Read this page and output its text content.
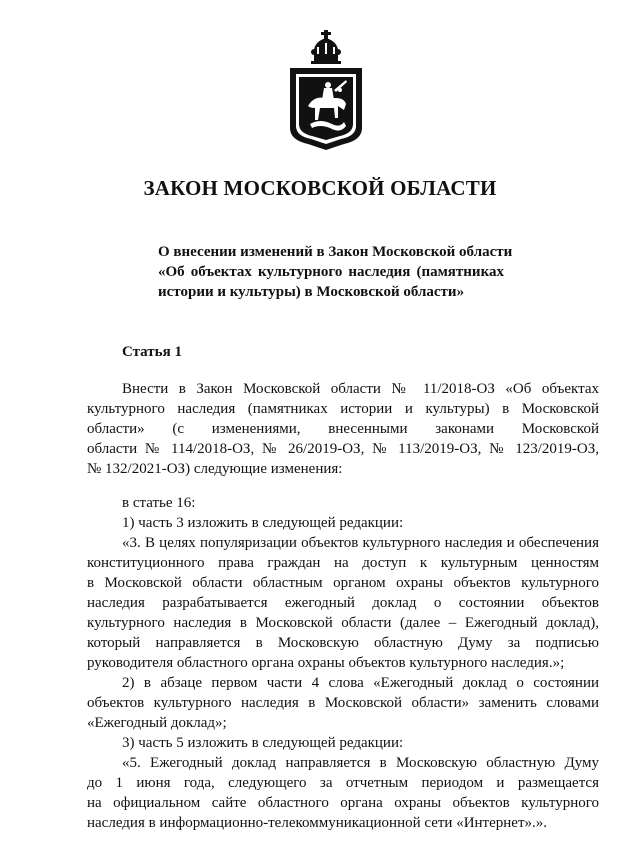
ЗАКОН МОСКОВСКОЙ ОБЛАСТИ
О внесении изменений в Закон Московской области
«Об объектах культурного наследия (памятниках
истории и культуры) в Московской области»
Статья 1
Внести в Закон Московской области № 11/2018-ОЗ «Об объектах
культурного наследия (памятниках истории и культуры) в Московской
области» (с изменениями, внесенными законами Московской
области № 114/2018-ОЗ, № 26/2019-ОЗ, № 113/2019-ОЗ, № 123/2019-ОЗ,
№ 132/2021-ОЗ) следующие изменения:
в статье 16:
1) часть 3 изложить в следующей редакции:
«3. В целях популяризации объектов культурного наследия и обеспечения
конституционного права граждан на доступ к культурным ценностям
в Московской области областным органом охраны объектов культурного
наследия разрабатывается ежегодный доклад о состоянии объектов
культурного наследия в Московской области (далее – Ежегодный доклад),
который направляется в Московскую областную Думу за подписью
руководителя областного органа охраны объектов культурного наследия.»;
2) в абзаце первом части 4 слова «Ежегодный доклад о состоянии
объектов культурного наследия в Московской области» заменить словами
«Ежегодный доклад»;
3) часть 5 изложить в следующей редакции:
«5. Ежегодный доклад направляется в Московскую областную Думу
до 1 июня года, следующего за отчетным периодом и размещается
на официальном сайте областного органа охраны объектов культурного
наследия в информационно-телекоммуникационной сети «Интернет».».
